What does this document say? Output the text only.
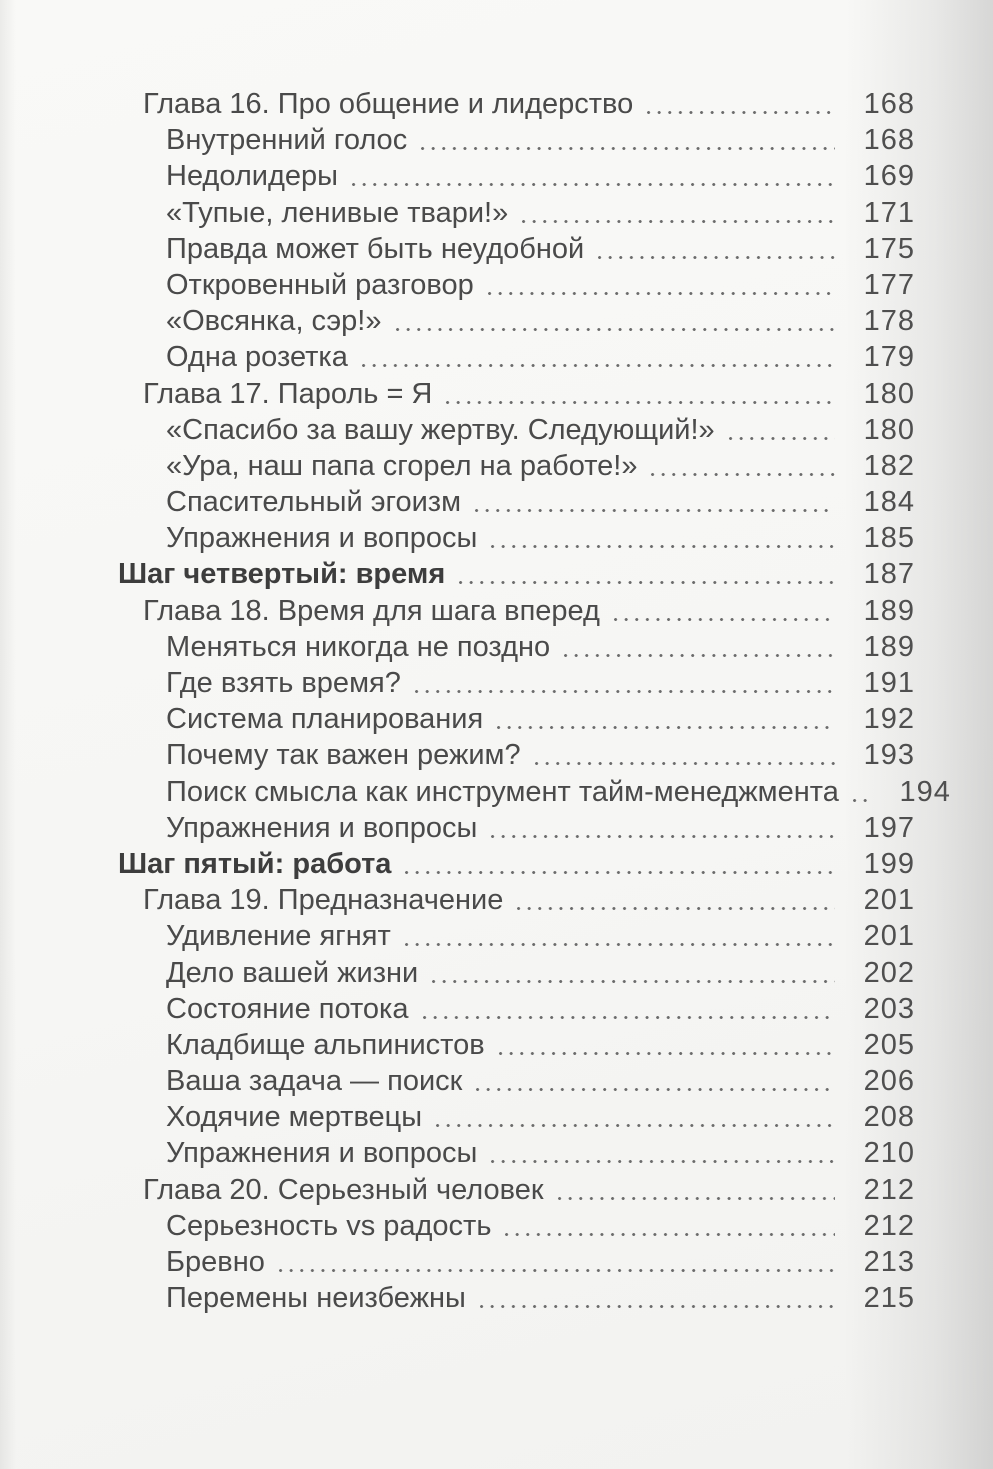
Глава 16. Про общение и лидерство	168
Внутренний голос	168
Недолидеры	169
«Тупые, ленивые твари!»	171
Правда может быть неудобной	175
Откровенный разговор	177
«Овсянка, сэр!»	178
Одна розетка	179
Глава 17. Пароль = Я	180
«Спасибо за вашу жертву. Следующий!»	180
«Ура, наш папа сгорел на работе!»	182
Спасительный эгоизм	184
Упражнения и вопросы	185
Шаг четвертый: время	187
Глава 18. Время для шага вперед	189
Меняться никогда не поздно	189
Где взять время?	191
Система планирования	192
Почему так важен режим?	193
Поиск смысла как инструмент тайм-менеджмента	194
Упражнения и вопросы	197
Шаг пятый: работа	199
Глава 19. Предназначение	201
Удивление ягнят	201
Дело вашей жизни	202
Состояние потока	203
Кладбище альпинистов	205
Ваша задача — поиск	206
Ходячие мертвецы	208
Упражнения и вопросы	210
Глава 20. Серьезный человек	212
Серьезность vs радость	212
Бревно	213
Перемены неизбежны	215
